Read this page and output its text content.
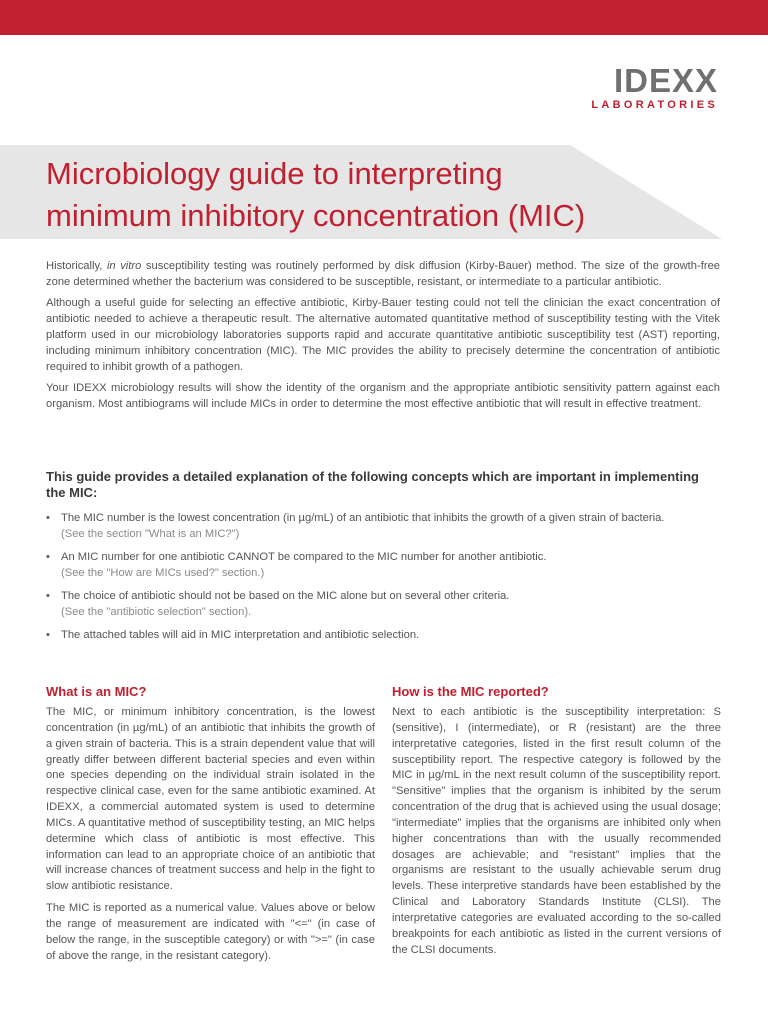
IDEXX
LABORATORIES
Microbiology guide to interpreting
minimum inhibitory concentration (MIC)

Historically, in vitro susceptibility testing was routinely performed by disk diffusion (Kirby-Bauer) method. The size of the growth-free zone determined whether the bacterium was considered to be susceptible, resistant, or intermediate to a particular antibiotic.

Although a useful guide for selecting an effective antibiotic, Kirby-Bauer testing could not tell the clinician the exact concentration of antibiotic needed to achieve a therapeutic result. The alternative automated quantitative method of susceptibility testing with the Vitek platform used in our microbiology laboratories supports rapid and accurate quantitative antibiotic susceptibility test (AST) reporting, including minimum inhibitory concentration (MIC). The MIC provides the ability to precisely determine the concentration of antibiotic required to inhibit growth of a pathogen.

Your IDEXX microbiology results will show the identity of the organism and the appropriate antibiotic sensitivity pattern against each organism. Most antibiograms will include MICs in order to determine the most effective antibiotic that will result in effective treatment.

This guide provides a detailed explanation of the following concepts which are important in implementing the MIC:
• The MIC number is the lowest concentration (in µg/mL) of an antibiotic that inhibits the growth of a given strain of bacteria.
(See the section "What is an MIC?")
• An MIC number for one antibiotic CANNOT be compared to the MIC number for another antibiotic.
(See the "How are MICs used?" section.)
• The choice of antibiotic should not be based on the MIC alone but on several other criteria.
(See the "antibiotic selection" section).
• The attached tables will aid in MIC interpretation and antibiotic selection.
What is an MIC?

The MIC, or minimum inhibitory concentration, is the lowest concentration (in µg/mL) of an antibiotic that inhibits the growth of a given strain of bacteria. This is a strain dependent value that will greatly differ between different bacterial species and even within one species depending on the individual strain isolated in the respective clinical case, even for the same antibiotic examined. At IDEXX, a commercial automated system is used to determine MICs. A quantitative method of susceptibility testing, an MIC helps determine which class of antibiotic is most effective. This information can lead to an appropriate choice of an antibiotic that will increase chances of treatment success and help in the fight to slow antibiotic resistance.

The MIC is reported as a numerical value. Values above or below the range of measurement are indicated with "<=" (in case of below the range, in the susceptible category) or with ">=" (in case of above the range, in the resistant category).

How is the MIC reported?

Next to each antibiotic is the susceptibility interpretation: S (sensitive), I (intermediate), or R (resistant) are the three interpretative categories, listed in the first result column of the susceptibility report. The respective category is followed by the MIC in µg/mL in the next result column of the susceptibility report. "Sensitive" implies that the organism is inhibited by the serum concentration of the drug that is achieved using the usual dosage; "intermediate" implies that the organisms are inhibited only when higher concentrations than with the usually recommended dosages are achievable; and "resistant" implies that the organisms are resistant to the usually achievable serum drug levels. These interpretive standards have been established by the Clinical and Laboratory Standards Institute (CLSI). The interpretative categories are evaluated according to the so-called breakpoints for each antibiotic as listed in the current versions of the CLSI documents.
